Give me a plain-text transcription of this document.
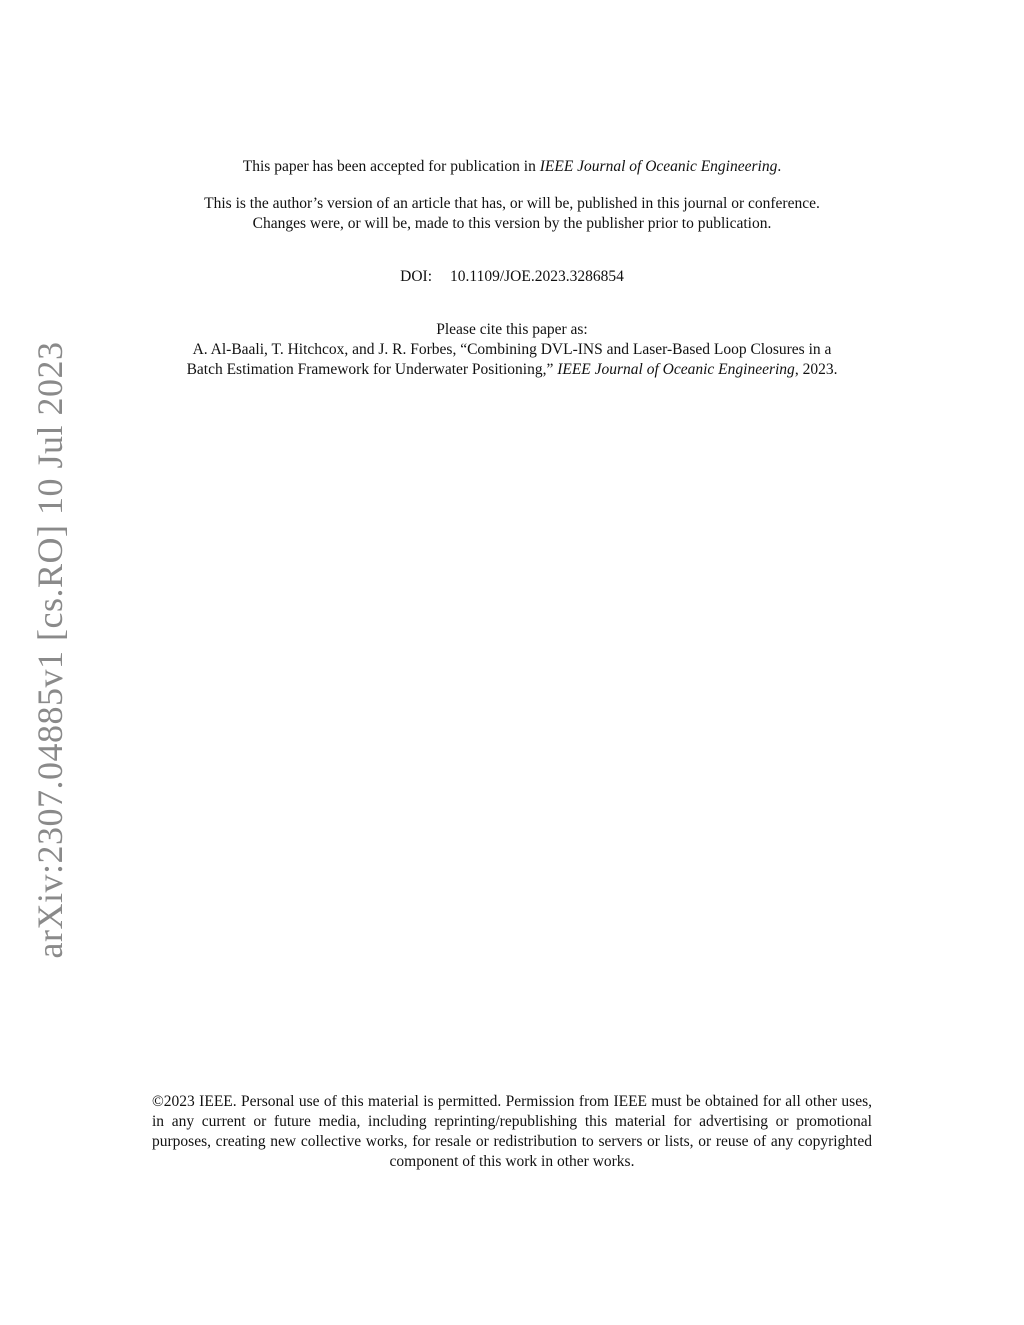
arXiv:2307.04885v1 [cs.RO] 10 Jul 2023
This paper has been accepted for publication in IEEE Journal of Oceanic Engineering.
This is the author’s version of an article that has, or will be, published in this journal or conference.
Changes were, or will be, made to this version by the publisher prior to publication.
DOI: 10.1109/JOE.2023.3286854
Please cite this paper as:
A. Al-Baali, T. Hitchcox, and J. R. Forbes, “Combining DVL-INS and Laser-Based Loop Closures in a
Batch Estimation Framework for Underwater Positioning,” IEEE Journal of Oceanic Engineering, 2023.
©2023 IEEE. Personal use of this material is permitted. Permission from IEEE must be obtained for all other uses, in any current or future media, including reprinting/republishing this material for advertising or promotional purposes, creating new collective works, for resale or redistribution to servers or lists, or reuse of any copyrighted component of this work in other works.
